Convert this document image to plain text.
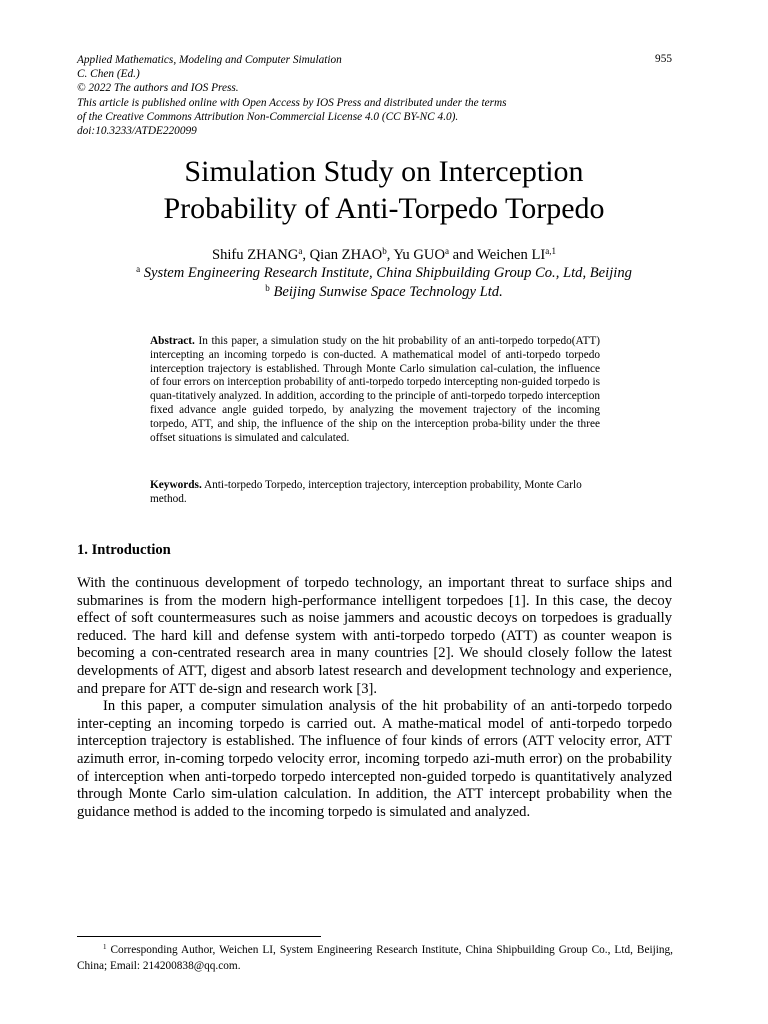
Applied Mathematics, Modeling and Computer Simulation
C. Chen (Ed.)
© 2022 The authors and IOS Press.
This article is published online with Open Access by IOS Press and distributed under the terms
of the Creative Commons Attribution Non-Commercial License 4.0 (CC BY-NC 4.0).
doi:10.3233/ATDE220099
955
Simulation Study on Interception
Probability of Anti-Torpedo Torpedo
Shifu ZHANG$^a$, Qian ZHAO$^b$, Yu GUO$^a$ and Weichen LI$^{a,1}$
$^a$ System Engineering Research Institute, China Shipbuilding Group Co., Ltd, Beijing
$^b$ Beijing Sunwise Space Technology Ltd.
Abstract. In this paper, a simulation study on the hit probability of an anti-torpedo torpedo(ATT) intercepting an incoming torpedo is con-ducted. A mathematical model of anti-torpedo torpedo interception trajectory is established. Through Monte Carlo simulation cal-culation, the influence of four errors on interception probability of anti-torpedo torpedo intercepting non-guided torpedo is quan-titatively analyzed. In addition, according to the principle of anti-torpedo torpedo interception fixed advance angle guided torpedo, by analyzing the movement trajectory of the incoming torpedo, ATT, and ship, the influence of the ship on the interception proba-bility under the three offset situations is simulated and calculated.
Keywords. Anti-torpedo Torpedo, interception trajectory, interception probability, Monte Carlo method.
1. Introduction

With the continuous development of torpedo technology, an important threat to surface ships and submarines is from the modern high-performance intelligent torpedoes [1]. In this case, the decoy effect of soft countermeasures such as noise jammers and acoustic decoys on torpedoes is gradually reduced. The hard kill and defense system with anti-torpedo torpedo (ATT) as counter weapon is becoming a con-centrated research area in many countries [2]. We should closely follow the latest developments of ATT, digest and absorb latest research and development technology and experience, and prepare for ATT de-sign and research work [3].

In this paper, a computer simulation analysis of the hit probability of an anti-torpedo torpedo inter-cepting an incoming torpedo is carried out. A mathe-matical model of anti-torpedo torpedo interception trajectory is established. The influence of four kinds of errors (ATT velocity error, ATT azimuth error, in-coming torpedo velocity error, incoming torpedo azi-muth error) on the probability of interception when anti-torpedo torpedo intercepted non-guided torpedo is quantitatively analyzed through Monte Carlo sim-ulation calculation. In addition, the ATT intercept probability when the guidance method is added to the incoming torpedo is simulated and analyzed.

$^1$ Corresponding Author, Weichen LI, System Engineering Research Institute, China Shipbuilding Group Co., Ltd, Beijing, China; Email: 214200838@qq.com.
